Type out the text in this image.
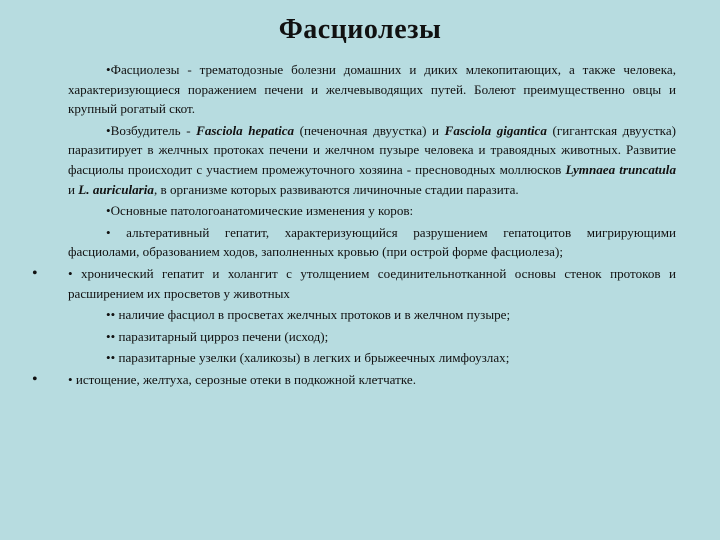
Фасциолезы

•Фасциолезы - трематодозные болезни домашних и диких млекопитающих, а также человека, характеризующиеся поражением печени и желчевыводящих путей. Болеют преимущественно овцы и крупный рогатый скот.

•Возбудитель - Fasciola hepatica (печеночная двуустка) и Fasciola gigantica (гигантская двуустка) паразитирует в желчных протоках печени и желчном пузыре человека и травоядных животных. Развитие фасциолы происходит с участием промежуточного хозяина - пресноводных моллюсков Lymnaea truncatula и L. auricularia, в организме которых развиваются личиночные стадии паразита.

•Основные патологоанатомические изменения у коров:

• альтеративный гепатит, характеризующийся разрушением гепатоцитов мигрирующими фасциолами, образованием ходов, заполненных кровью (при острой форме фасциолеза);

• • хронический гепатит и холангит с утолщением соединительнотканной основы стенок протоков и расширением их просветов у животных

•• наличие фасциол в просветах желчных протоков и в желчном пузыре;

•• паразитарный цирроз печени (исход);

•• паразитарные узелки (халикозы) в легких и брыжеечных лимфоузлах;

• • истощение, желтуха, серозные отеки в подкожной клетчатке.
